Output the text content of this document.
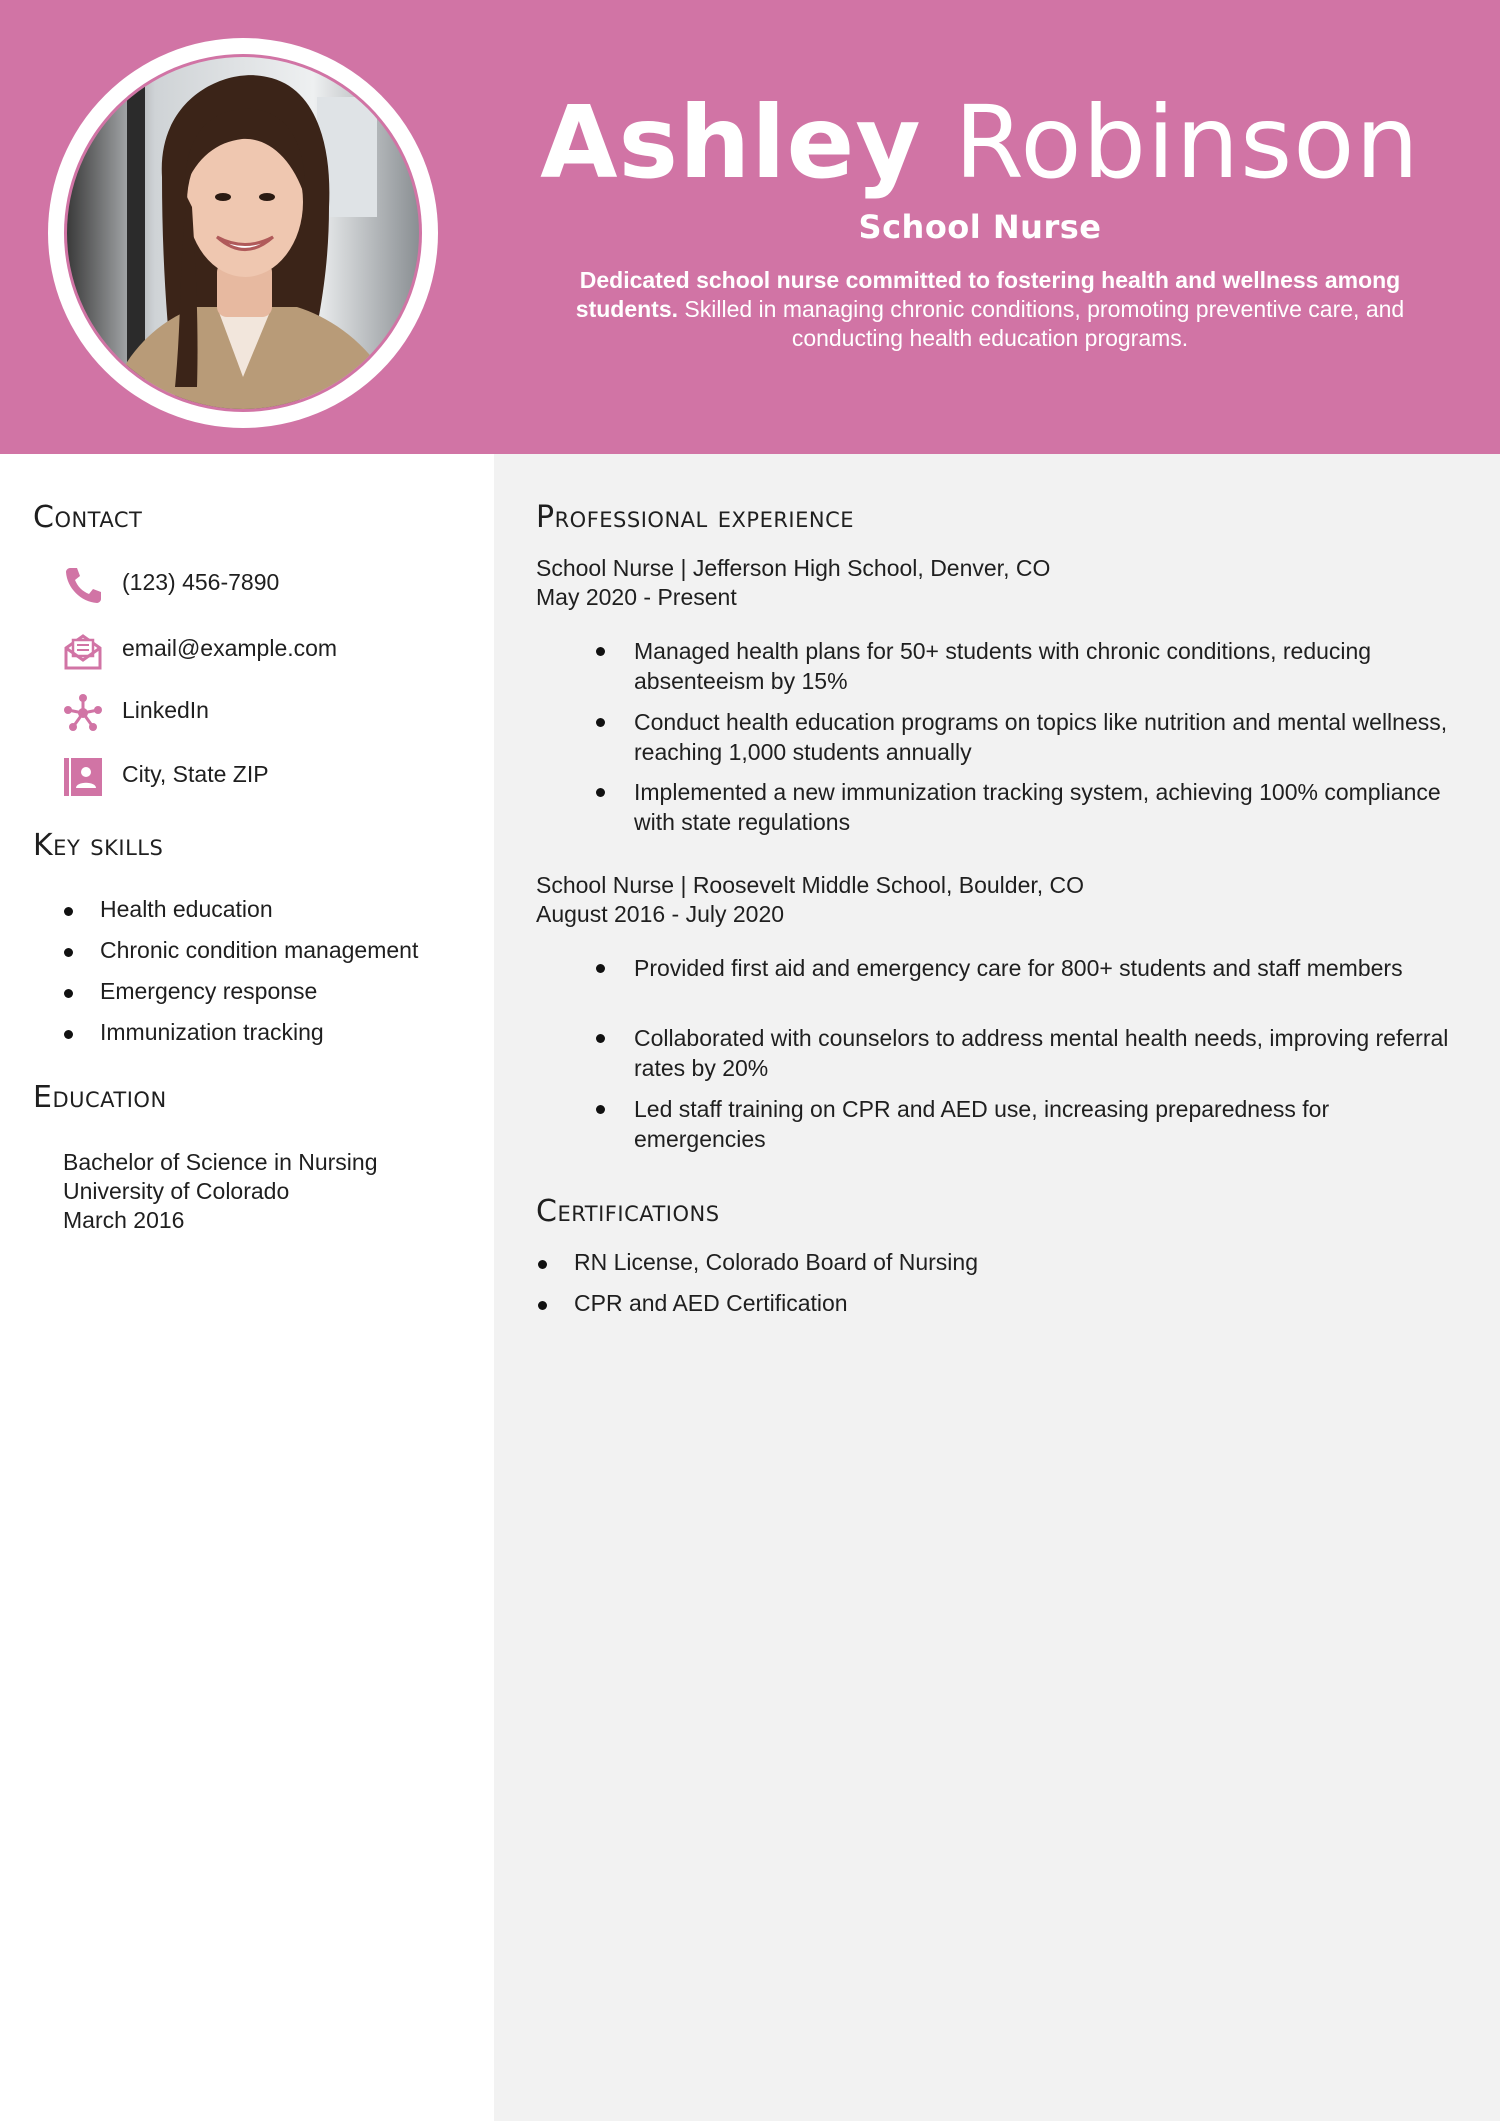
Ashley Robinson
School Nurse
Dedicated school nurse committed to fostering health and wellness among students. Skilled in managing chronic conditions, promoting preventive care, and conducting health education programs.
Contact
(123) 456-7890
email@example.com
LinkedIn
City, State ZIP
Key skills
Health education
Chronic condition management
Emergency response
Immunization tracking
Education
Bachelor of Science in Nursing
University of Colorado
March 2016
Professional experience
School Nurse | Jefferson High School, Denver, CO
May 2020 - Present
Managed health plans for 50+ students with chronic conditions, reducing absenteeism by 15%
Conduct health education programs on topics like nutrition and mental wellness, reaching 1,000 students annually
Implemented a new immunization tracking system, achieving 100% compliance with state regulations
School Nurse | Roosevelt Middle School, Boulder, CO
August 2016 - July 2020
Provided first aid and emergency care for 800+ students and staff members
Collaborated with counselors to address mental health needs, improving referral rates by 20%
Led staff training on CPR and AED use, increasing preparedness for emergencies
Certifications
RN License, Colorado Board of Nursing
CPR and AED Certification
